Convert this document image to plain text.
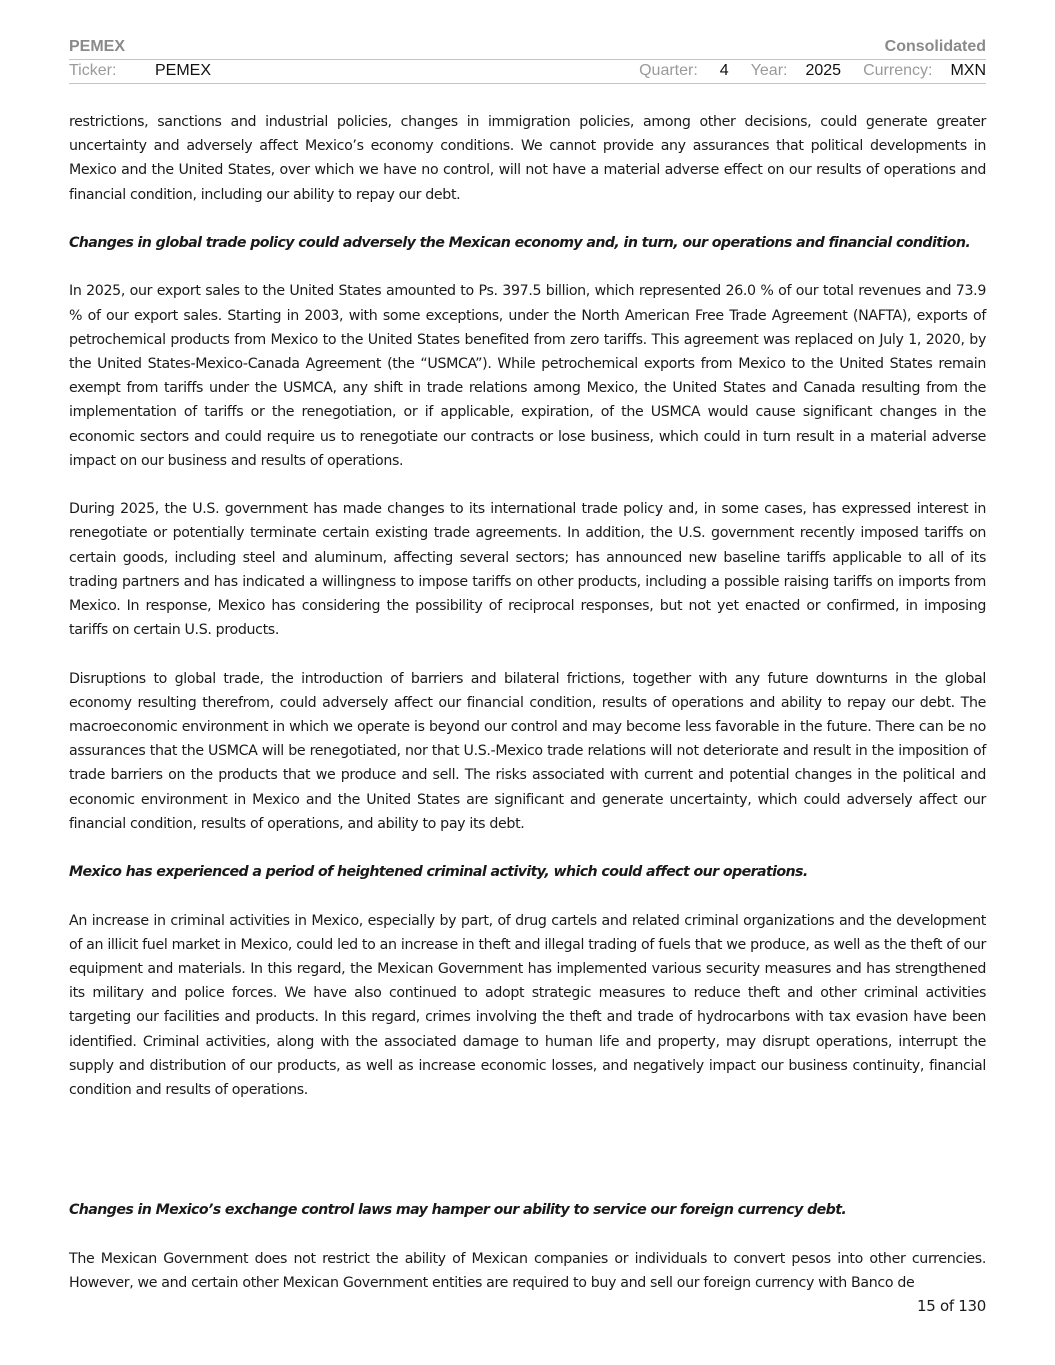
PEMEX	Consolidated
Ticker:	PEMEX	Quarter: 4 Year: 2025 Currency: MXN

restrictions, sanctions and industrial policies, changes in immigration policies, among other decisions, could generate greater uncertainty and adversely affect Mexico’s economy conditions. We cannot provide any assurances that political developments in Mexico and the United States, over which we have no control, will not have a material adverse effect on our results of operations and financial condition, including our ability to repay our debt.

Changes in global trade policy could adversely the Mexican economy and, in turn, our operations and financial condition.

In 2025, our export sales to the United States amounted to Ps. 397.5 billion, which represented 26.0 % of our total revenues and 73.9 % of our export sales. Starting in 2003, with some exceptions, under the North American Free Trade Agreement (NAFTA), exports of petrochemical products from Mexico to the United States benefited from zero tariffs. This agreement was replaced on July 1, 2020, by the United States-Mexico-Canada Agreement (the “USMCA”). While petrochemical exports from Mexico to the United States remain exempt from tariffs under the USMCA, any shift in trade relations among Mexico, the United States and Canada resulting from the implementation of tariffs or the renegotiation, or if applicable, expiration, of the USMCA would cause significant changes in the economic sectors and could require us to renegotiate our contracts or lose business, which could in turn result in a material adverse impact on our business and results of operations.

During 2025, the U.S. government has made changes to its international trade policy and, in some cases, has expressed interest in renegotiate or potentially terminate certain existing trade agreements. In addition, the U.S. government recently imposed tariffs on certain goods, including steel and aluminum, affecting several sectors; has announced new baseline tariffs applicable to all of its trading partners and has indicated a willingness to impose tariffs on other products, including a possible raising tariffs on imports from Mexico. In response, Mexico has considering the possibility of reciprocal responses, but not yet enacted or confirmed, in imposing tariffs on certain U.S. products.

Disruptions to global trade, the introduction of barriers and bilateral frictions, together with any future downturns in the global economy resulting therefrom, could adversely affect our financial condition, results of operations and ability to repay our debt. The macroeconomic environment in which we operate is beyond our control and may become less favorable in the future. There can be no assurances that the USMCA will be renegotiated, nor that U.S.-Mexico trade relations will not deteriorate and result in the imposition of trade barriers on the products that we produce and sell. The risks associated with current and potential changes in the political and economic environment in Mexico and the United States are significant and generate uncertainty, which could adversely affect our financial condition, results of operations, and ability to pay its debt.

Mexico has experienced a period of heightened criminal activity, which could affect our operations.

An increase in criminal activities in Mexico, especially by part, of drug cartels and related criminal organizations and the development of an illicit fuel market in Mexico, could led to an increase in theft and illegal trading of fuels that we produce, as well as the theft of our equipment and materials. In this regard, the Mexican Government has implemented various security measures and has strengthened its military and police forces. We have also continued to adopt strategic measures to reduce theft and other criminal activities targeting our facilities and products. In this regard, crimes involving the theft and trade of hydrocarbons with tax evasion have been identified. Criminal activities, along with the associated damage to human life and property, may disrupt operations, interrupt the supply and distribution of our products, as well as increase economic losses, and negatively impact our business continuity, financial condition and results of operations.

Changes in Mexico’s exchange control laws may hamper our ability to service our foreign currency debt.

The Mexican Government does not restrict the ability of Mexican companies or individuals to convert pesos into other currencies. However, we and certain other Mexican Government entities are required to buy and sell our foreign currency with Banco de

15 of 130
